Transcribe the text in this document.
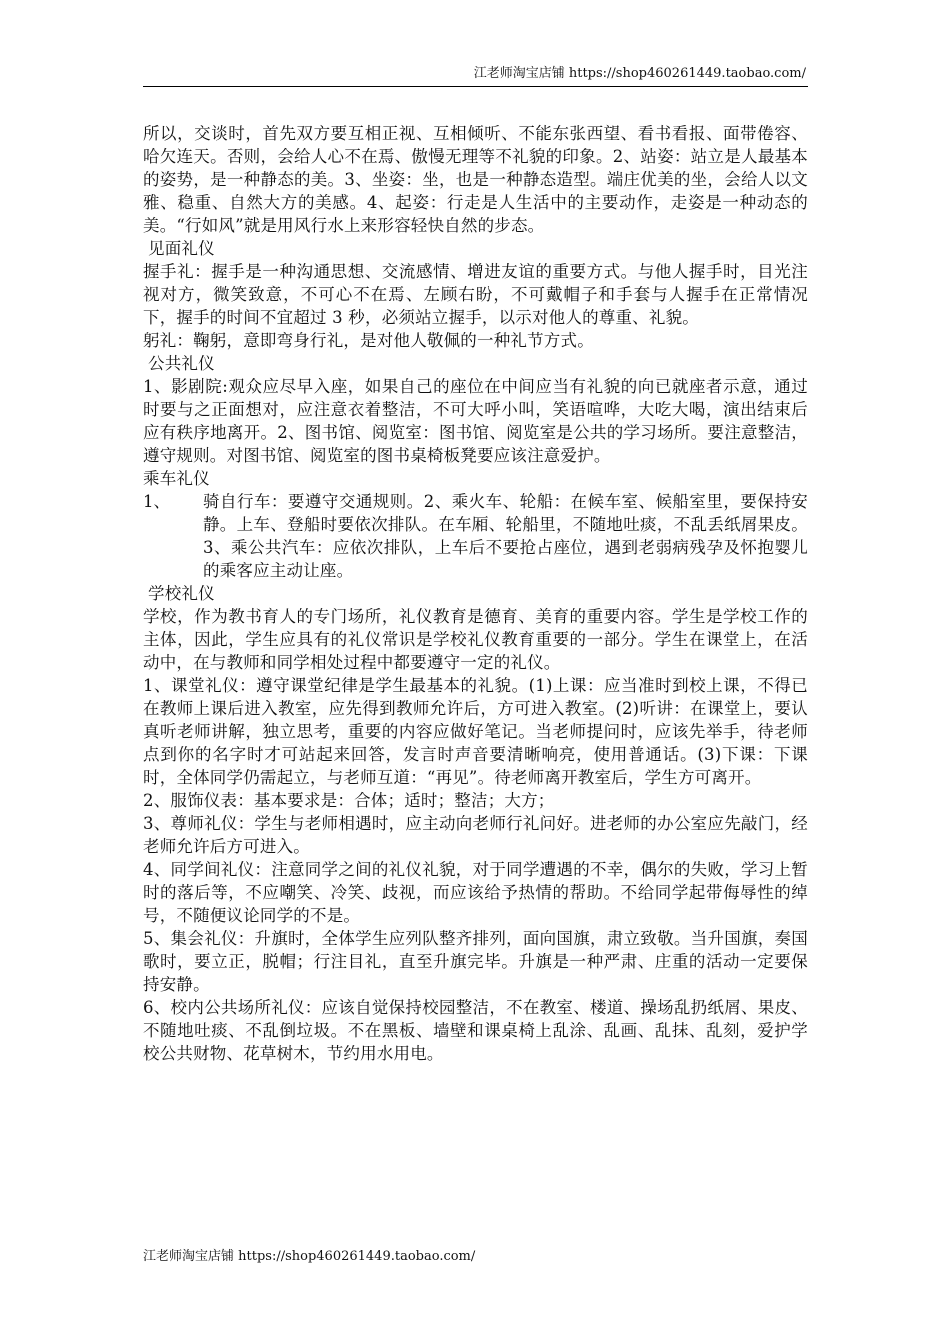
江老师淘宝店铺 https://shop460261449.taobao.com/

所以，交谈时，首先双方要互相正视、互相倾听、不能东张西望、看书看报、面带倦容、哈欠连天。否则，会给人心不在焉、傲慢无理等不礼貌的印象。2、站姿：站立是人最基本的姿势，是一种静态的美。3、坐姿：坐，也是一种静态造型。端庄优美的坐，会给人以文雅、稳重、自然大方的美感。4、起姿：行走是人生活中的主要动作，走姿是一种动态的美。“行如风”就是用风行水上来形容轻快自然的步态。

见面礼仪

握手礼：握手是一种沟通思想、交流感情、增进友谊的重要方式。与他人握手时，目光注视对方，微笑致意，不可心不在焉、左顾右盼，不可戴帽子和手套与人握手在正常情况下，握手的时间不宜超过 3 秒，必须站立握手，以示对他人的尊重、礼貌。

躬礼：鞠躬，意即弯身行礼，是对他人敬佩的一种礼节方式。

公共礼仪

1、影剧院:观众应尽早入座，如果自己的座位在中间应当有礼貌的向已就座者示意，通过时要与之正面想对，应注意衣着整洁，不可大呼小叫，笑语喧哗，大吃大喝，演出结束后应有秩序地离开。2、图书馆、阅览室：图书馆、阅览室是公共的学习场所。要注意整洁，遵守规则。对图书馆、阅览室的图书桌椅板凳要应该注意爱护。

乘车礼仪

1、 骑自行车：要遵守交通规则。2、乘火车、轮船：在候车室、候船室里，要保持安静。上车、登船时要依次排队。在车厢、轮船里，不随地吐痰，不乱丢纸屑果皮。3、乘公共汽车：应依次排队，上车后不要抢占座位，遇到老弱病残孕及怀抱婴儿的乘客应主动让座。

学校礼仪

学校，作为教书育人的专门场所，礼仪教育是德育、美育的重要内容。学生是学校工作的主体，因此，学生应具有的礼仪常识是学校礼仪教育重要的一部分。学生在课堂上，在活动中，在与教师和同学相处过程中都要遵守一定的礼仪。

1、课堂礼仪：遵守课堂纪律是学生最基本的礼貌。(1)上课：应当准时到校上课，不得已在教师上课后进入教室，应先得到教师允许后，方可进入教室。(2)听讲：在课堂上，要认真听老师讲解，独立思考，重要的内容应做好笔记。当老师提问时，应该先举手，待老师点到你的名字时才可站起来回答，发言时声音要清晰响亮，使用普通话。(3)下课：下课时，全体同学仍需起立，与老师互道：“再见”。待老师离开教室后，学生方可离开。

2、服饰仪表：基本要求是：合体；适时；整洁；大方；

3、尊师礼仪：学生与老师相遇时，应主动向老师行礼问好。进老师的办公室应先敲门，经老师允许后方可进入。

4、同学间礼仪：注意同学之间的礼仪礼貌，对于同学遭遇的不幸，偶尔的失败，学习上暂时的落后等，不应嘲笑、冷笑、歧视，而应该给予热情的帮助。不给同学起带侮辱性的绰号，不随便议论同学的不是。

5、集会礼仪：升旗时，全体学生应列队整齐排列，面向国旗，肃立致敬。当升国旗，奏国歌时，要立正，脱帽；行注目礼，直至升旗完毕。升旗是一种严肃、庄重的活动一定要保持安静。

6、校内公共场所礼仪：应该自觉保持校园整洁，不在教室、楼道、操场乱扔纸屑、果皮、不随地吐痰、不乱倒垃圾。不在黑板、墙壁和课桌椅上乱涂、乱画、乱抹、乱刻，爱护学校公共财物、花草树木，节约用水用电。

江老师淘宝店铺 https://shop460261449.taobao.com/
